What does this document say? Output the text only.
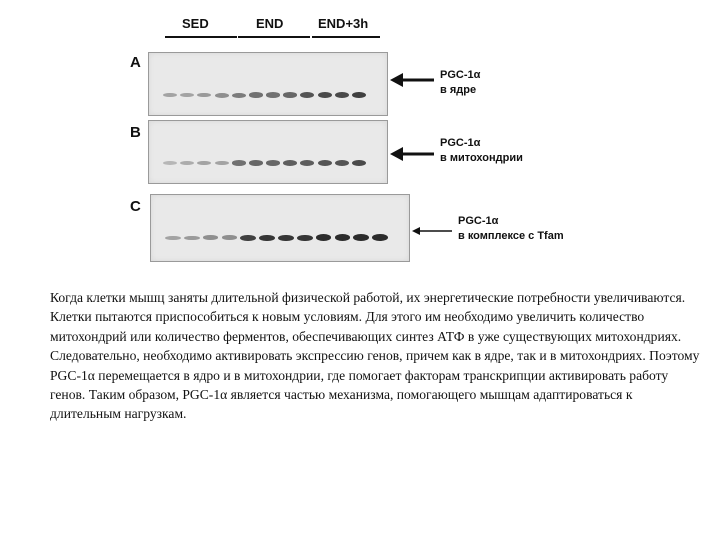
SED	END	END+3h
A
PGC-1α
в ядре
B
PGC-1α
в митохондрии
C
PGC-1α
в комплексе с Tfam

Когда клетки мышц заняты длительной физической работой, их энергетические потребности увеличиваются. Клетки пытаются приспособиться к новым условиям. Для этого им необходимо увеличить количество митохондрий или количество ферментов, обеспечивающих синтез АТФ в уже существующих митохондриях. Следовательно, необходимо активировать экспрессию генов, причем как в ядре, так и в митохондриях. Поэтому PGC-1α перемещается в ядро и в митохондрии, где помогает факторам транскрипции активировать работу генов. Таким образом, PGC-1α является частью механизма, помогающего мышцам адаптироваться к длительным нагрузкам.
